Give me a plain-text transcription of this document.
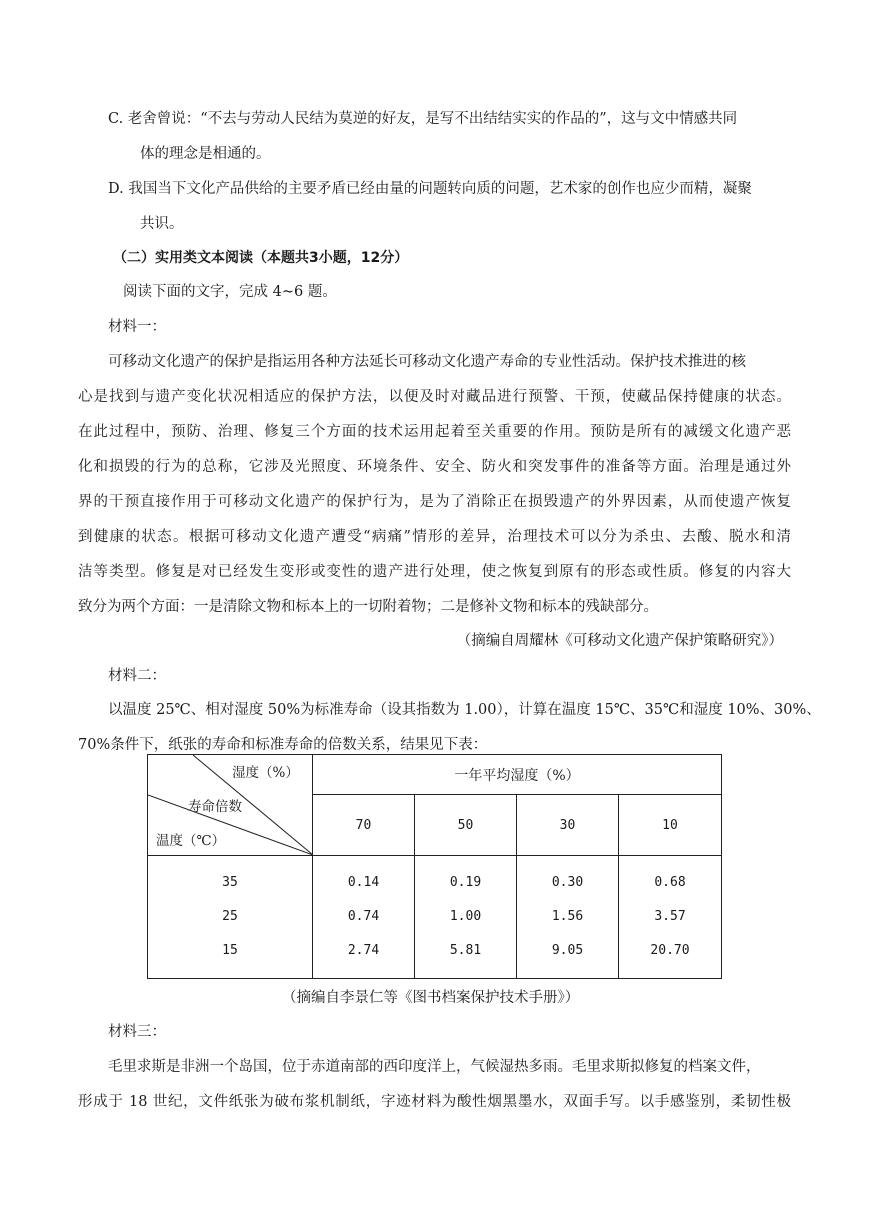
C. 老舍曾说：“不去与劳动人民结为莫逆的好友，是写不出结结实实的作品的”，这与文中情感共同
体的理念是相通的。
D. 我国当下文化产品供给的主要矛盾已经由量的问题转向质的问题，艺术家的创作也应少而精，凝聚
共识。
（二）实用类文本阅读（本题共3小题，12分）
阅读下面的文字，完成 4~6 题。
材料一：
可移动文化遗产的保护是指运用各种方法延长可移动文化遗产寿命的专业性活动。保护技术推进的核
心是找到与遗产变化状况相适应的保护方法，以便及时对藏品进行预警、干预，使藏品保持健康的状态。
在此过程中，预防、治理、修复三个方面的技术运用起着至关重要的作用。预防是所有的减缓文化遗产恶
化和损毁的行为的总称，它涉及光照度、环境条件、安全、防火和突发事件的准备等方面。治理是通过外
界的干预直接作用于可移动文化遗产的保护行为，是为了消除正在损毁遗产的外界因素，从而使遗产恢复
到健康的状态。根据可移动文化遗产遭受“病痛”情形的差异，治理技术可以分为杀虫、去酸、脱水和清
洁等类型。修复是对已经发生变形或变性的遗产进行处理，使之恢复到原有的形态或性质。修复的内容大
致分为两个方面：一是清除文物和标本上的一切附着物；二是修补文物和标本的残缺部分。
（摘编自周耀林《可移动文化遗产保护策略研究》）
材料二：
以温度 25℃、相对湿度 50%为标准寿命（设其指数为 1.00），计算在温度 15℃、35℃和湿度 10%、30%、
70%条件下，纸张的寿命和标准寿命的倍数关系，结果见下表：
湿度（%）
寿命倍数
温度（℃）	一年平均湿度（%）			
	70	50	30	10
35	0.14	0.19	0.30	0.68
25	0.74	1.00	1.56	3.57
15	2.74	5.81	9.05	20.70
（摘编自李景仁等《图书档案保护技术手册》）
材料三：
毛里求斯是非洲一个岛国，位于赤道南部的西印度洋上，气候湿热多雨。毛里求斯拟修复的档案文件，
形成于 18 世纪，文件纸张为破布浆机制纸，字迹材料为酸性烟黑墨水，双面手写。以手感鉴别，柔韧性极
